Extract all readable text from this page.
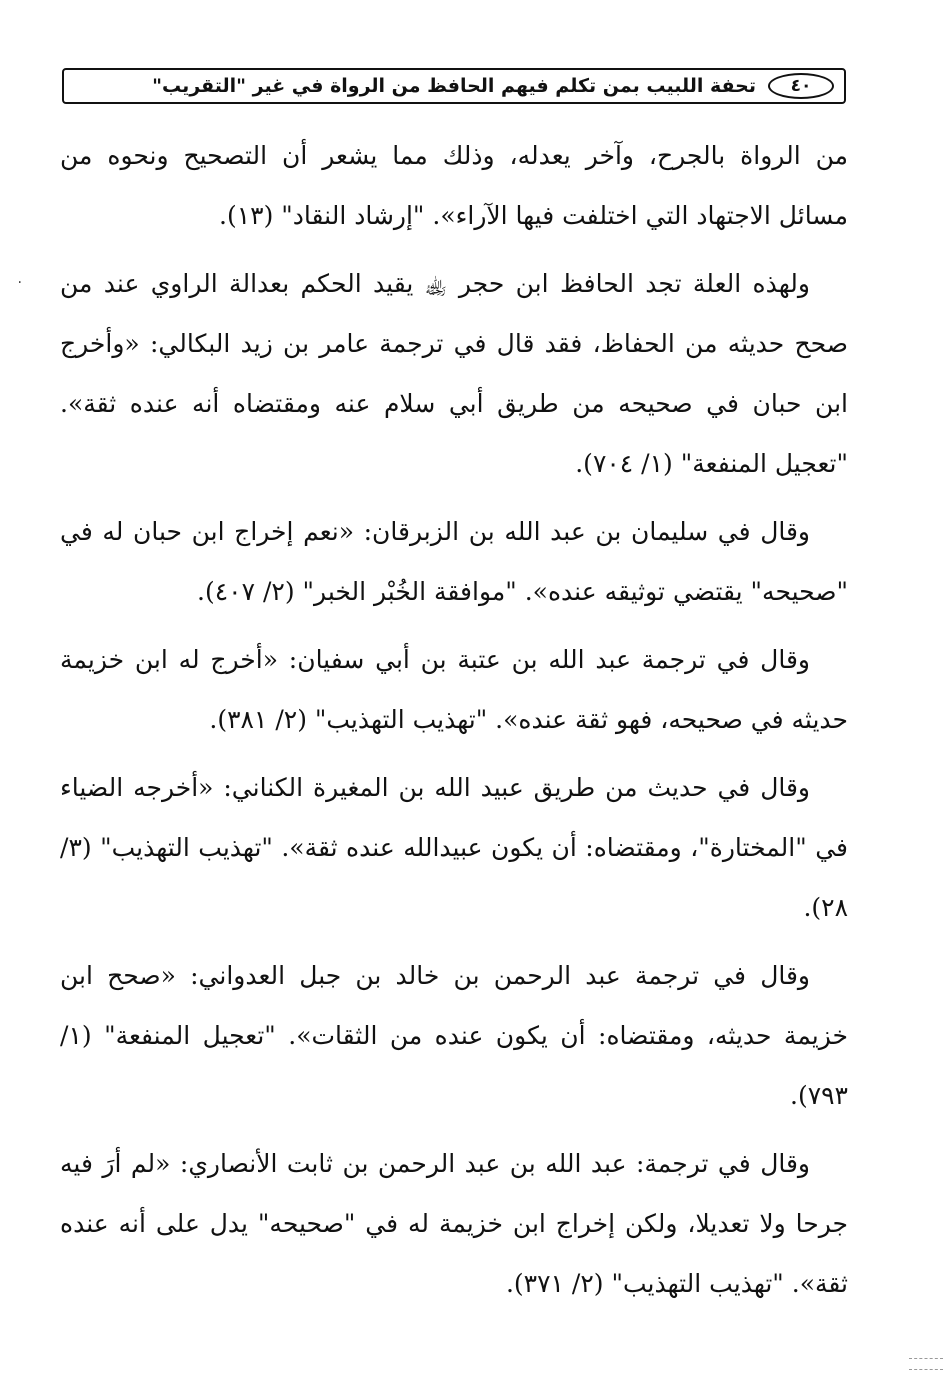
٤٠
تحفة اللبيب بمن تكلم فيهم الحافظ من الرواة في غير "التقريب"
٠

من الرواة بالجرح، وآخر يعدله، وذلك مما يشعر أن التصحيح ونحوه من مسائل الاجتهاد التي اختلفت فيها الآراء». "إرشاد النقاد" (١٣).

ولهذه العلة تجد الحافظ ابن حجر ﵀ يقيد الحكم بعدالة الراوي عند من صحح حديثه من الحفاظ، فقد قال في ترجمة عامر بن زيد البكالي: «وأخرج ابن حبان في صحيحه من طريق أبي سلام عنه ومقتضاه أنه عنده ثقة». "تعجيل المنفعة" (١/ ٧٠٤).

وقال في سليمان بن عبد الله بن الزبرقان: «نعم إخراج ابن حبان له في "صحيحه" يقتضي توثيقه عنده». "موافقة الخُبْر الخبر" (٢/ ٤٠٧).

وقال في ترجمة عبد الله بن عتبة بن أبي سفيان: «أخرج له ابن خزيمة حديثه في صحيحه، فهو ثقة عنده». "تهذيب التهذيب" (٢/ ٣٨١).

وقال في حديث من طريق عبيد الله بن المغيرة الكناني: «أخرجه الضياء في "المختارة"، ومقتضاه: أن يكون عبيدالله عنده ثقة». "تهذيب التهذيب" (٣/ ٢٨).

وقال في ترجمة عبد الرحمن بن خالد بن جبل العدواني: «صحح ابن خزيمة حديثه، ومقتضاه: أن يكون عنده من الثقات». "تعجيل المنفعة" (١/ ٧٩٣).

وقال في ترجمة: عبد الله بن عبد الرحمن بن ثابت الأنصاري: «لم أرَ فيه جرحا ولا تعديلا، ولكن إخراج ابن خزيمة له في "صحيحه" يدل على أنه عنده ثقة». "تهذيب التهذيب" (٢/ ٣٧١).
